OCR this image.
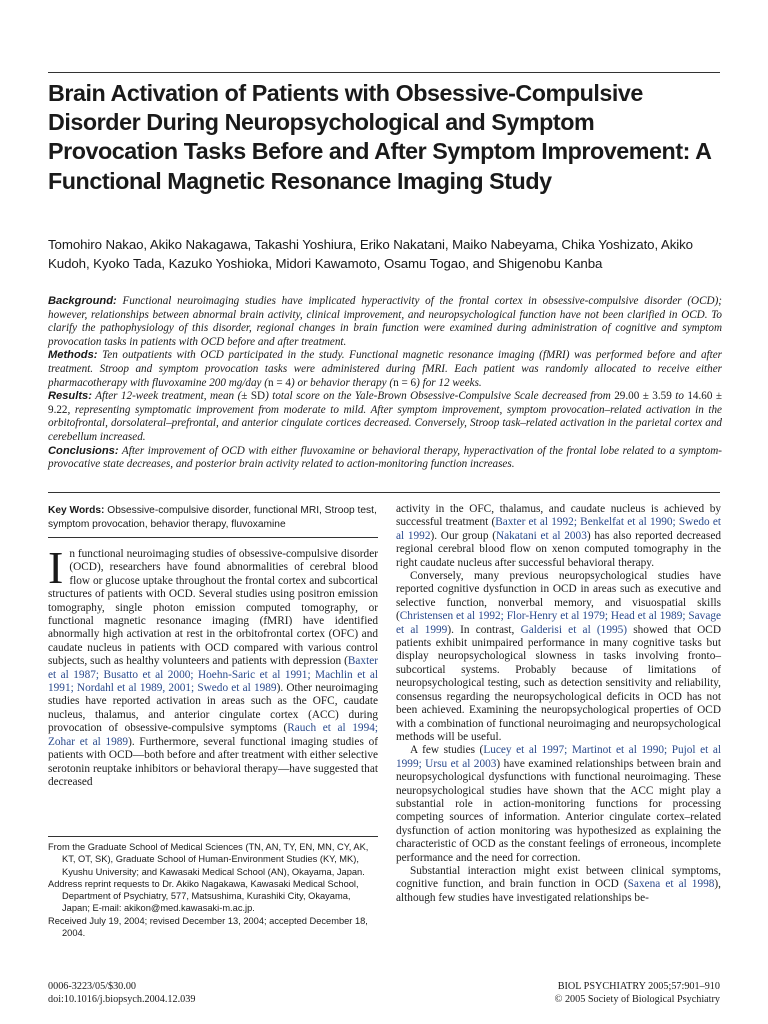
Brain Activation of Patients with Obsessive-Compulsive Disorder During Neuropsychological and Symptom Provocation Tasks Before and After Symptom Improvement: A Functional Magnetic Resonance Imaging Study
Tomohiro Nakao, Akiko Nakagawa, Takashi Yoshiura, Eriko Nakatani, Maiko Nabeyama, Chika Yoshizato, Akiko Kudoh, Kyoko Tada, Kazuko Yoshioka, Midori Kawamoto, Osamu Togao, and Shigenobu Kanba

Background: Functional neuroimaging studies have implicated hyperactivity of the frontal cortex in obsessive-compulsive disorder (OCD); however, relationships between abnormal brain activity, clinical improvement, and neuropsychological function have not been clarified in OCD. To clarify the pathophysiology of this disorder, regional changes in brain function were examined during administration of cognitive and symptom provocation tasks in patients with OCD before and after treatment.

Methods: Ten outpatients with OCD participated in the study. Functional magnetic resonance imaging (fMRI) was performed before and after treatment. Stroop and symptom provocation tasks were administered during fMRI. Each patient was randomly allocated to receive either pharmacotherapy with fluvoxamine 200 mg/day (n = 4) or behavior therapy (n = 6) for 12 weeks.

Results: After 12-week treatment, mean (± SD) total score on the Yale-Brown Obsessive-Compulsive Scale decreased from 29.00 ± 3.59 to 14.60 ± 9.22, representing symptomatic improvement from moderate to mild. After symptom improvement, symptom provocation–related activation in the orbitofrontal, dorsolateral–prefrontal, and anterior cingulate cortices decreased. Conversely, Stroop task–related activation in the parietal cortex and cerebellum increased.

Conclusions: After improvement of OCD with either fluvoxamine or behavioral therapy, hyperactivation of the frontal lobe related to a symptom-provocative state decreases, and posterior brain activity related to action-monitoring function increases.

Key Words: Obsessive-compulsive disorder, functional MRI, Stroop test, symptom provocation, behavior therapy, fluvoxamine

In functional neuroimaging studies of obsessive-compulsive disorder (OCD), researchers have found abnormalities of cerebral blood flow or glucose uptake throughout the frontal cortex and subcortical structures of patients with OCD. Several studies using positron emission tomography, single photon emission computed tomography, or functional magnetic resonance imaging (fMRI) have identified abnormally high activation at rest in the orbitofrontal cortex (OFC) and caudate nucleus in patients with OCD compared with various control subjects, such as healthy volunteers and patients with depression (Baxter et al 1987; Busatto et al 2000; Hoehn-Saric et al 1991; Machlin et al 1991; Nordahl et al 1989, 2001; Swedo et al 1989). Other neuroimaging studies have reported activation in areas such as the OFC, caudate nucleus, thalamus, and anterior cingulate cortex (ACC) during provocation of obsessive-compulsive symptoms (Rauch et al 1994; Zohar et al 1989). Furthermore, several functional imaging studies of patients with OCD—both before and after treatment with either selective serotonin reuptake inhibitors or behavioral therapy—have suggested that decreased

activity in the OFC, thalamus, and caudate nucleus is achieved by successful treatment (Baxter et al 1992; Benkelfat et al 1990; Swedo et al 1992). Our group (Nakatani et al 2003) has also reported decreased regional cerebral blood flow on xenon computed tomography in the right caudate nucleus after successful behavioral therapy.

Conversely, many previous neuropsychological studies have reported cognitive dysfunction in OCD in areas such as executive and selective function, nonverbal memory, and visuospatial skills (Christensen et al 1992; Flor-Henry et al 1979; Head et al 1989; Savage et al 1999). In contrast, Galderisi et al (1995) showed that OCD patients exhibit unimpaired performance in many cognitive tasks but display neuropsychological slowness in tasks involving fronto–subcortical systems. Probably because of limitations of neuropsychological testing, such as detection sensitivity and reliability, consensus regarding the neuropsychological deficits in OCD has not been achieved. Examining the neuropsychological properties of OCD with a combination of functional neuroimaging and neuropsychological methods will be useful.

A few studies (Lucey et al 1997; Martinot et al 1990; Pujol et al 1999; Ursu et al 2003) have examined relationships between brain and neuropsychological dysfunctions with functional neuroimaging. These neuropsychological studies have shown that the ACC might play a substantial role in action-monitoring functions for processing competing sources of information. Anterior cingulate cortex–related dysfunction of action monitoring was hypothesized as explaining the characteristic of OCD as the constant feelings of erroneous, incomplete performance and the need for correction.

Substantial interaction might exist between clinical symptoms, cognitive function, and brain function in OCD (Saxena et al 1998), although few studies have investigated relationships be-

From the Graduate School of Medical Sciences (TN, AN, TY, EN, MN, CY, AK, KT, OT, SK), Graduate School of Human-Environment Studies (KY, MK), Kyushu University; and Kawasaki Medical School (AN), Okayama, Japan.

Address reprint requests to Dr. Akiko Nagakawa, Kawasaki Medical School, Department of Psychiatry, 577, Matsushima, Kurashiki City, Okayama, Japan; E-mail: akikon@med.kawasaki-m.ac.jp.

Received July 19, 2004; revised December 13, 2004; accepted December 18, 2004.

0006-3223/05/$30.00
doi:10.1016/j.biopsych.2004.12.039
BIOL PSYCHIATRY 2005;57:901–910
© 2005 Society of Biological Psychiatry
